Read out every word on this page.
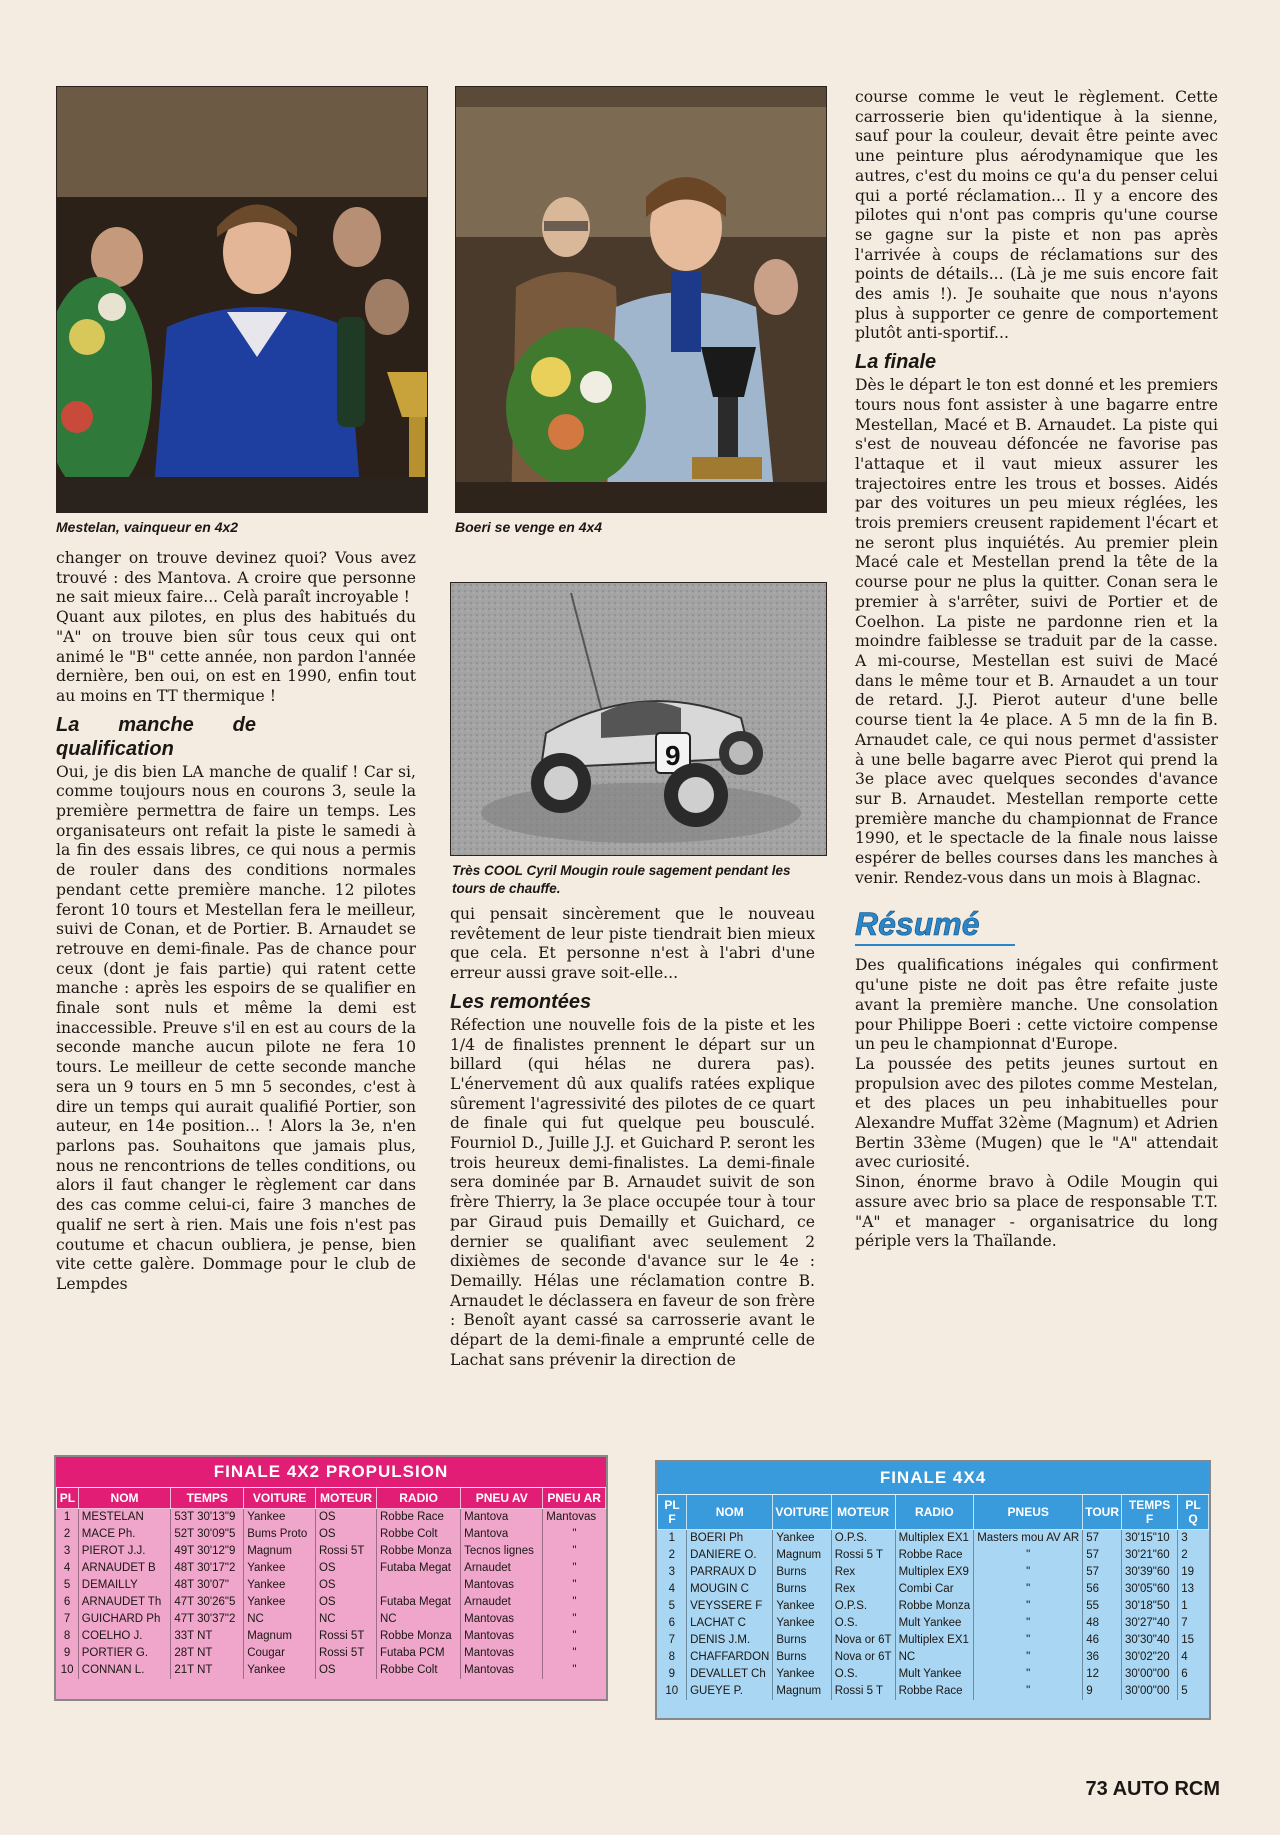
Mestelan, vainqueur en 4x2	Boeri se venge en 4x4
9
Très COOL Cyril Mougin roule sagement pendant les tours de chauffe.

changer on trouve devinez quoi? Vous avez trouvé : des Mantova. A croire que personne ne sait mieux faire... Celà paraît incroyable !

Quant aux pilotes, en plus des habitués du "A" on trouve bien sûr tous ceux qui ont animé le "B" cette année, non pardon l'année dernière, ben oui, on est en 1990, enfin tout au moins en TT thermique !

La manche de qualification

Oui, je dis bien LA manche de qualif ! Car si, comme toujours nous en courons 3, seule la première permettra de faire un temps. Les organisateurs ont refait la piste le samedi à la fin des essais libres, ce qui nous a permis de rouler dans des conditions normales pendant cette première manche. 12 pilotes feront 10 tours et Mestellan fera le meilleur, suivi de Conan, et de Portier. B. Arnaudet se retrouve en demi-finale. Pas de chance pour ceux (dont je fais partie) qui ratent cette manche : après les espoirs de se qualifier en finale sont nuls et même la demi est inaccessible. Preuve s'il en est au cours de la seconde manche aucun pilote ne fera 10 tours. Le meilleur de cette seconde manche sera un 9 tours en 5 mn 5 secondes, c'est à dire un temps qui aurait qualifié Portier, son auteur, en 14e position... ! Alors la 3e, n'en parlons pas. Souhaitons que jamais plus, nous ne rencontrions de telles conditions, ou alors il faut changer le règlement car dans des cas comme celui-ci, faire 3 manches de qualif ne sert à rien. Mais une fois n'est pas coutume et chacun oubliera, je pense, bien vite cette galère. Dommage pour le club de Lempdes

qui pensait sincèrement que le nouveau revêtement de leur piste tiendrait bien mieux que cela. Et personne n'est à l'abri d'une erreur aussi grave soit-elle...

Les remontées

Réfection une nouvelle fois de la piste et les 1/4 de finalistes prennent le départ sur un billard (qui hélas ne durera pas). L'énervement dû aux qualifs ratées explique sûrement l'agressivité des pilotes de ce quart de finale qui fut quelque peu bousculé. Fourniol D., Juille J.J. et Guichard P. seront les trois heureux demi-finalistes. La demi-finale sera dominée par B. Arnaudet suivit de son frère Thierry, la 3e place occupée tour à tour par Giraud puis Demailly et Guichard, ce dernier se qualifiant avec seulement 2 dixièmes de seconde d'avance sur le 4e : Demailly. Hélas une réclamation contre B. Arnaudet le déclassera en faveur de son frère : Benoît ayant cassé sa carrosserie avant le départ de la demi-finale a emprunté celle de Lachat sans prévenir la direction de

course comme le veut le règlement. Cette carrosserie bien qu'identique à la sienne, sauf pour la couleur, devait être peinte avec une peinture plus aérodynamique que les autres, c'est du moins ce qu'a du penser celui qui a porté réclamation... Il y a encore des pilotes qui n'ont pas compris qu'une course se gagne sur la piste et non pas après l'arrivée à coups de réclamations sur des points de détails... (Là je me suis encore fait des amis !). Je souhaite que nous n'ayons plus à supporter ce genre de comportement plutôt anti-sportif...

La finale

Dès le départ le ton est donné et les premiers tours nous font assister à une bagarre entre Mestellan, Macé et B. Arnaudet. La piste qui s'est de nouveau défoncée ne favorise pas l'attaque et il vaut mieux assurer les trajectoires entre les trous et bosses. Aidés par des voitures un peu mieux réglées, les trois premiers creusent rapidement l'écart et ne seront plus inquiétés. Au premier plein Macé cale et Mestellan prend la tête de la course pour ne plus la quitter. Conan sera le premier à s'arrêter, suivi de Portier et de Coelhon. La piste ne pardonne rien et la moindre faiblesse se traduit par de la casse. A mi-course, Mestellan est suivi de Macé dans le même tour et B. Arnaudet a un tour de retard. J.J. Pierot auteur d'une belle course tient la 4e place. A 5 mn de la fin B. Arnaudet cale, ce qui nous permet d'assister à une belle bagarre avec Pierot qui prend la 3e place avec quelques secondes d'avance sur B. Arnaudet. Mestellan remporte cette première manche du championnat de France 1990, et le spectacle de la finale nous laisse espérer de belles courses dans les manches à venir. Rendez-vous dans un mois à Blagnac.

Résumé

Des qualifications inégales qui confirment qu'une piste ne doit pas être refaite juste avant la première manche. Une consolation pour Philippe Boeri : cette victoire compense un peu le championnat d'Europe.

La poussée des petits jeunes surtout en propulsion avec des pilotes comme Mestelan, et des places un peu inhabituelles pour Alexandre Muffat 32ème (Magnum) et Adrien Bertin 33ème (Mugen) que le "A" attendait avec curiosité.

Sinon, énorme bravo à Odile Mougin qui assure avec brio sa place de responsable T.T. "A" et manager - organisatrice du long périple vers la Thaïlande.

FINALE 4X2 PROPULSION
PL	NOM	TEMPS	VOITURE	MOTEUR	RADIO	PNEU AV	PNEU AR
1	MESTELAN	53T 30'13"9	Yankee	OS	Robbe Race	Mantova	Mantovas
2	MACE Ph.	52T 30'09"5	Bums Proto	OS	Robbe Colt	Mantova	"
3	PIEROT J.J.	49T 30'12"9	Magnum	Rossi 5T	Robbe Monza	Tecnos lignes	"
4	ARNAUDET B	48T 30'17"2	Yankee	OS	Futaba Megat	Arnaudet	"
5	DEMAILLY	48T 30'07"	Yankee	OS		Mantovas	"
6	ARNAUDET Th	47T 30'26"5	Yankee	OS	Futaba Megat	Arnaudet	"
7	GUICHARD Ph	47T 30'37"2	NC	NC	NC	Mantovas	"
8	COELHO J.	33T NT	Magnum	Rossi 5T	Robbe Monza	Mantovas	"
9	PORTIER G.	28T NT	Cougar	Rossi 5T	Futaba PCM	Mantovas	"
10	CONNAN L.	21T NT	Yankee	OS	Robbe Colt	Mantovas	"
FINALE 4X4
PL F	NOM	VOITURE	MOTEUR	RADIO	PNEUS	TOUR	TEMPS F	PL Q
1	BOERI Ph	Yankee	O.P.S.	Multiplex EX1	Masters mou AV AR	57	30'15"10	3
2	DANIERE O.	Magnum	Rossi 5 T	Robbe Race	"	57	30'21"60	2
3	PARRAUX D	Burns	Rex	Multiplex EX9	"	57	30'39"60	19
4	MOUGIN C	Burns	Rex	Combi Car	"	56	30'05"60	13
5	VEYSSERE F	Yankee	O.P.S.	Robbe Monza	"	55	30'18"50	1
6	LACHAT C	Yankee	O.S.	Mult Yankee	"	48	30'27"40	7
7	DENIS J.M.	Burns	Nova or 6T	Multiplex EX1	"	46	30'30"40	15
8	CHAFFARDON	Burns	Nova or 6T	NC	"	36	30'02"20	4
9	DEVALLET Ch	Yankee	O.S.	Mult Yankee	"	12	30'00"00	6
10	GUEYE P.	Magnum	Rossi 5 T	Robbe Race	"	9	30'00"00	5
73 AUTO RCM
